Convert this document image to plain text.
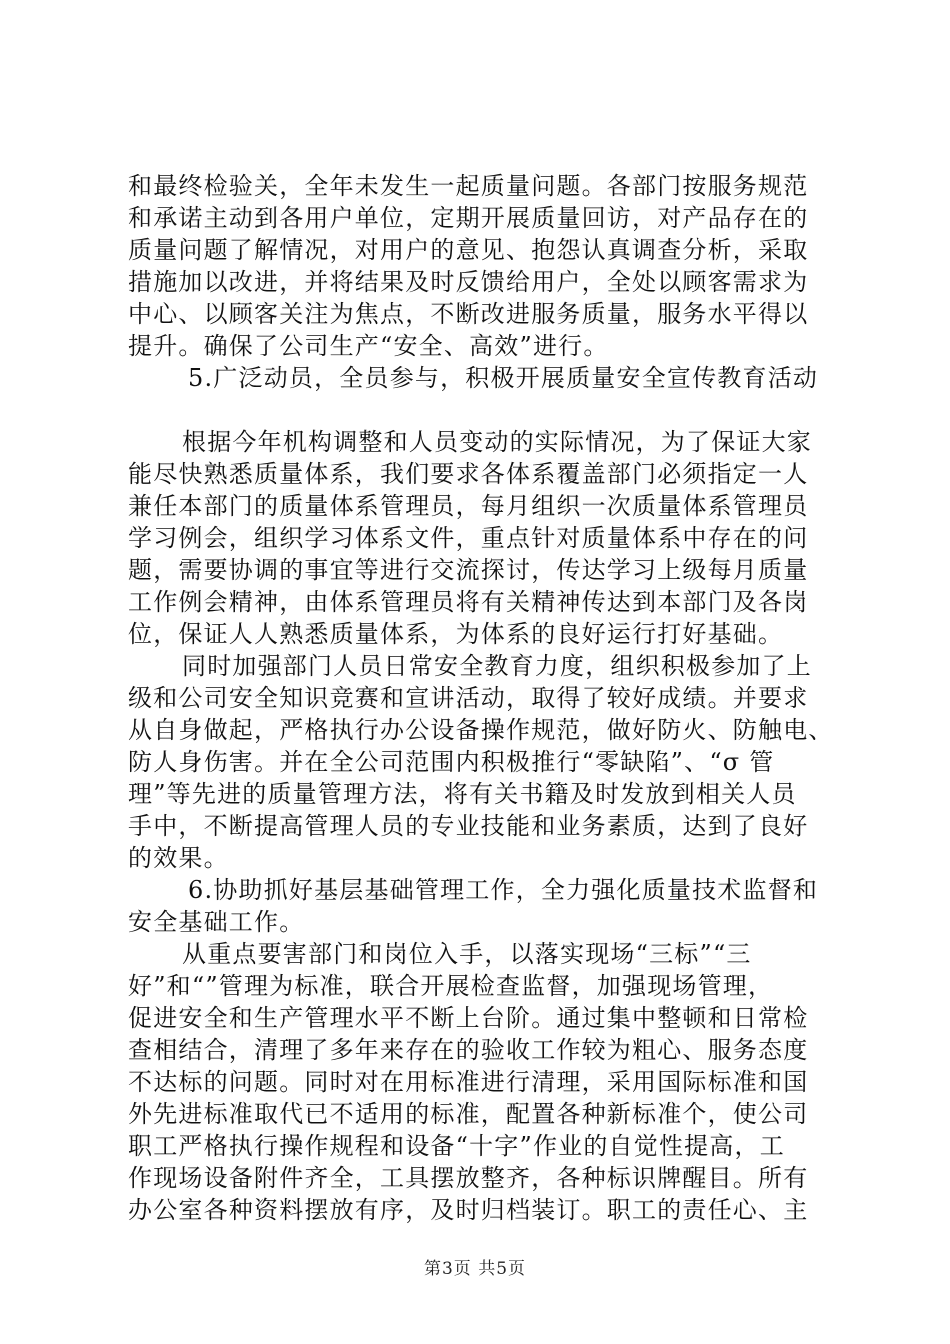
和最终检验关，全年未发生一起质量问题。各部门按服务规范
和承诺主动到各用户单位，定期开展质量回访，对产品存在的
质量问题了解情况，对用户的意见、抱怨认真调查分析，采取
措施加以改进，并将结果及时反馈给用户，全处以顾客需求为
中心、以顾客关注为焦点，不断改进服务质量，服务水平得以
提升。确保了公司生产“安全、高效”进行。
5.广泛动员，全员参与，积极开展质量安全宣传教育活动
根据今年机构调整和人员变动的实际情况，为了保证大家
能尽快熟悉质量体系，我们要求各体系覆盖部门必须指定一人
兼任本部门的质量体系管理员，每月组织一次质量体系管理员
学习例会，组织学习体系文件，重点针对质量体系中存在的问
题，需要协调的事宜等进行交流探讨，传达学习上级每月质量
工作例会精神，由体系管理员将有关精神传达到本部门及各岗
位，保证人人熟悉质量体系，为体系的良好运行打好基础。
同时加强部门人员日常安全教育力度，组织积极参加了上
级和公司安全知识竞赛和宣讲活动，取得了较好成绩。并要求
从自身做起，严格执行办公设备操作规范，做好防火、防触电、
防人身伤害。并在全公司范围内积极推行“零缺陷”、“σ 管
理”等先进的质量管理方法，将有关书籍及时发放到相关人员
手中，不断提高管理人员的专业技能和业务素质，达到了良好
的效果。
6.协助抓好基层基础管理工作，全力强化质量技术监督和
安全基础工作。
从重点要害部门和岗位入手，以落实现场“三标”“三
好”和“”管理为标准，联合开展检查监督，加强现场管理，
促进安全和生产管理水平不断上台阶。通过集中整顿和日常检
查相结合，清理了多年来存在的验收工作较为粗心、服务态度
不达标的问题。同时对在用标准进行清理，采用国际标准和国
外先进标准取代已不适用的标准，配置各种新标准个，使公司
职工严格执行操作规程和设备“十字”作业的自觉性提高，工
作现场设备附件齐全，工具摆放整齐，各种标识牌醒目。所有
办公室各种资料摆放有序，及时归档装订。职工的责任心、主
第3页 共5页
